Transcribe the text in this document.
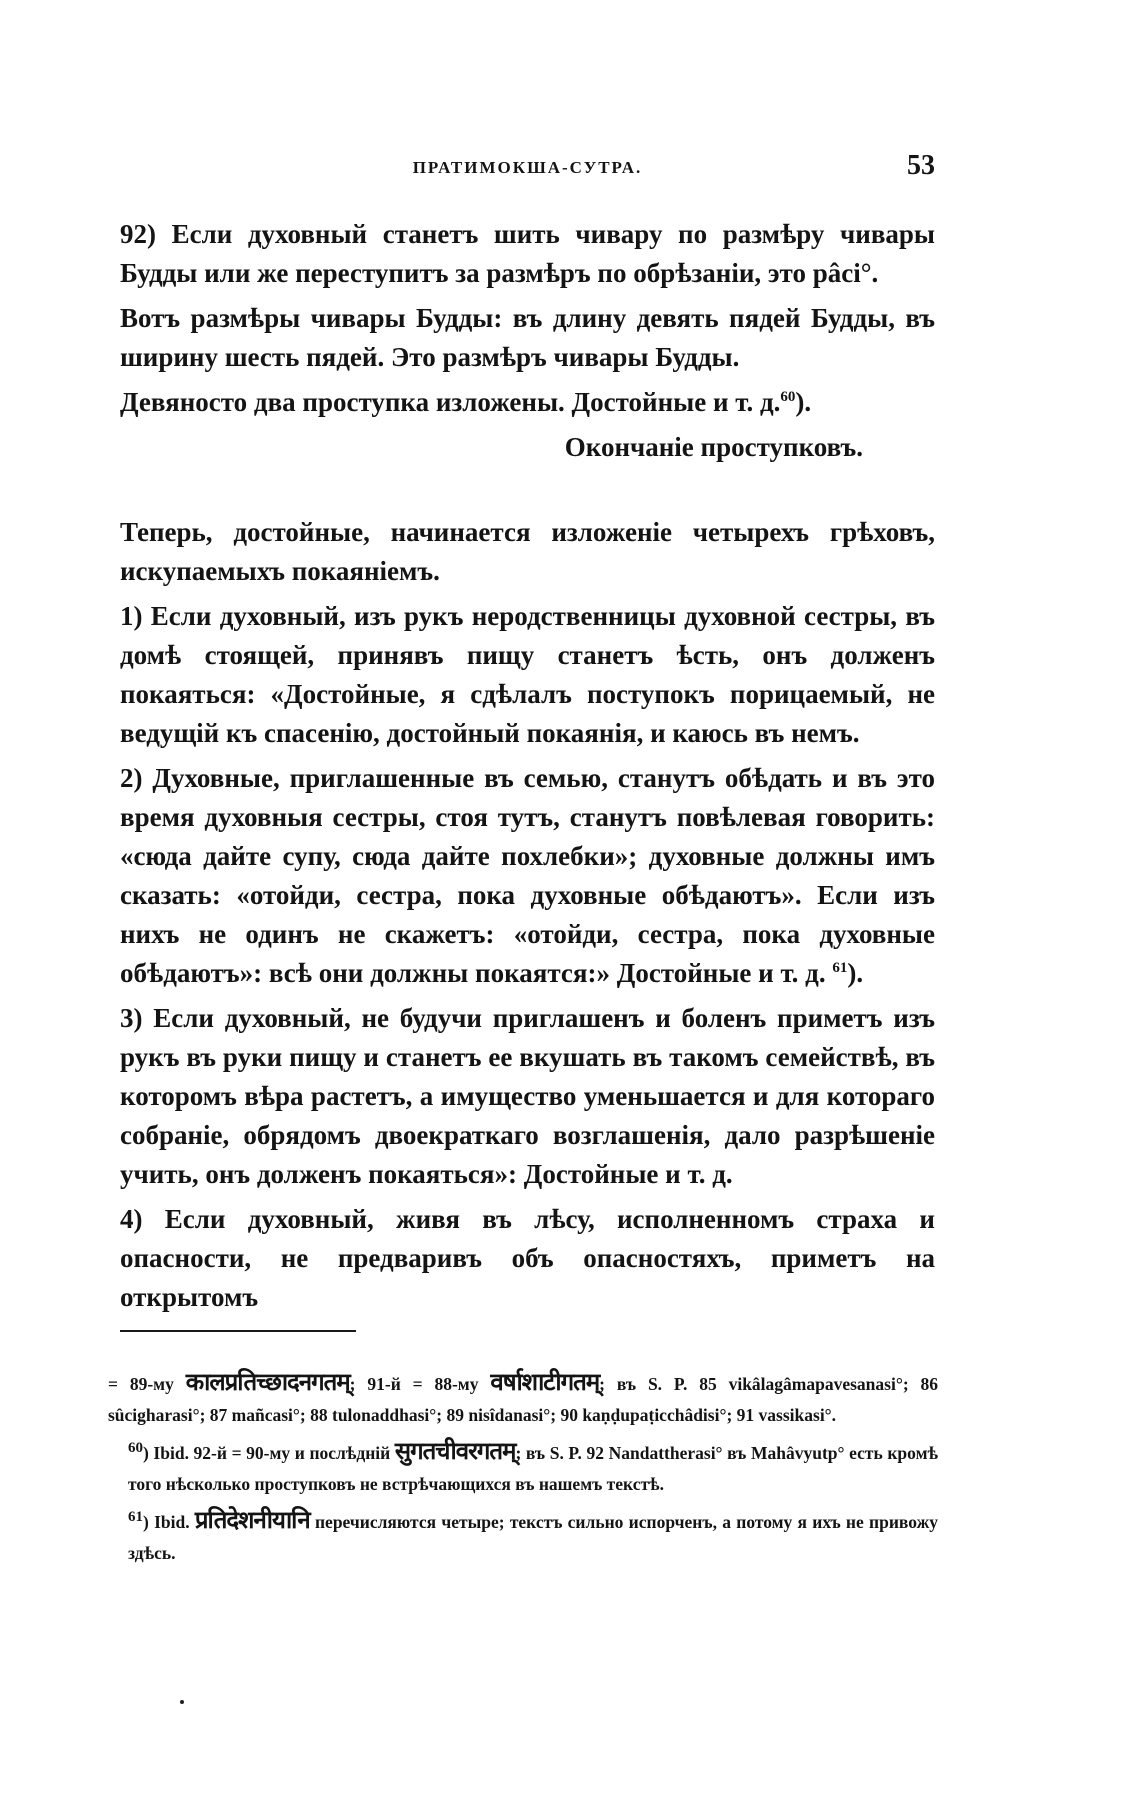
ПРАТИМОКША-СУТРА.	53

92) Если духовный станетъ шить чивару по размѣру чивары Будды или же переступитъ за размѣръ по обрѣзаніи, это pâci°.

Вотъ размѣры чивары Будды: въ длину девять пядей Будды, въ ширину шесть пядей. Это размѣръ чивары Будды.

Девяносто два проступка изложены. Достойные и т. д.$^{60}$).

Окончаніе проступковъ.

Теперь, достойные, начинается изложеніе четырехъ грѣховъ, искупаемыхъ покаяніемъ.

1) Если духовный, изъ рукъ неродственницы духовной сестры, въ домѣ стоящей, принявъ пищу станетъ ѣсть, онъ долженъ покаяться: «Достойные, я сдѣлалъ поступокъ порицаемый, не ведущій къ спасенію, достойный покаянія, и каюсь въ немъ.

2) Духовные, приглашенные въ семью, станутъ обѣдать и въ это время духовныя сестры, стоя тутъ, станутъ повѣлевая говорить: «сюда дайте супу, сюда дайте похлебки»; духовные должны имъ сказать: «отойди, сестра, пока духовные обѣдаютъ». Если изъ нихъ не одинъ не скажетъ: «отойди, сестра, пока духовные обѣдаютъ»: всѣ они должны покаятся:» Достойные и т. д. $^{61}$).

3) Если духовный, не будучи приглашенъ и боленъ приметъ изъ рукъ въ руки пищу и станетъ ее вкушать въ такомъ семействѣ, въ которомъ вѣра растетъ, а имущество уменьшается и для котораго собраніе, обрядомъ двоекраткаго возглашенія, дало разрѣшеніе учить, онъ долженъ покаяться»: Достойные и т. д.

4) Если духовный, живя въ лѣсу, исполненномъ страха и опасности, не предваривъ объ опасностяхъ, приметъ на открытомъ

= 89-му कालप्रतिच्छादनगतम्; 91-й = 88-му वर्षाशाटीगतम्; въ S. P. 85 vikâlagâmapavesanasi°; 86 sûcigharasi°; 87 mañcasi°; 88 tulonaddhasi°; 89 nisîdanasi°; 90 kaṇḍupaṭicchâdisi°; 91 vassikasi°.

$^{60}$) Ibid. 92-й = 90-му и послѣдній सुगतचीवरगतम्; въ S. P. 92 Nandattherasi° въ Mahâvyutp° есть кромѣ того нѣсколько проступковъ не встрѣчающихся въ нашемъ текстѣ.

$^{61}$) Ibid. प्रतिदेशनीयानि перечисляются четыре; текстъ сильно испорченъ, а потому я ихъ не привожу здѣсь.
